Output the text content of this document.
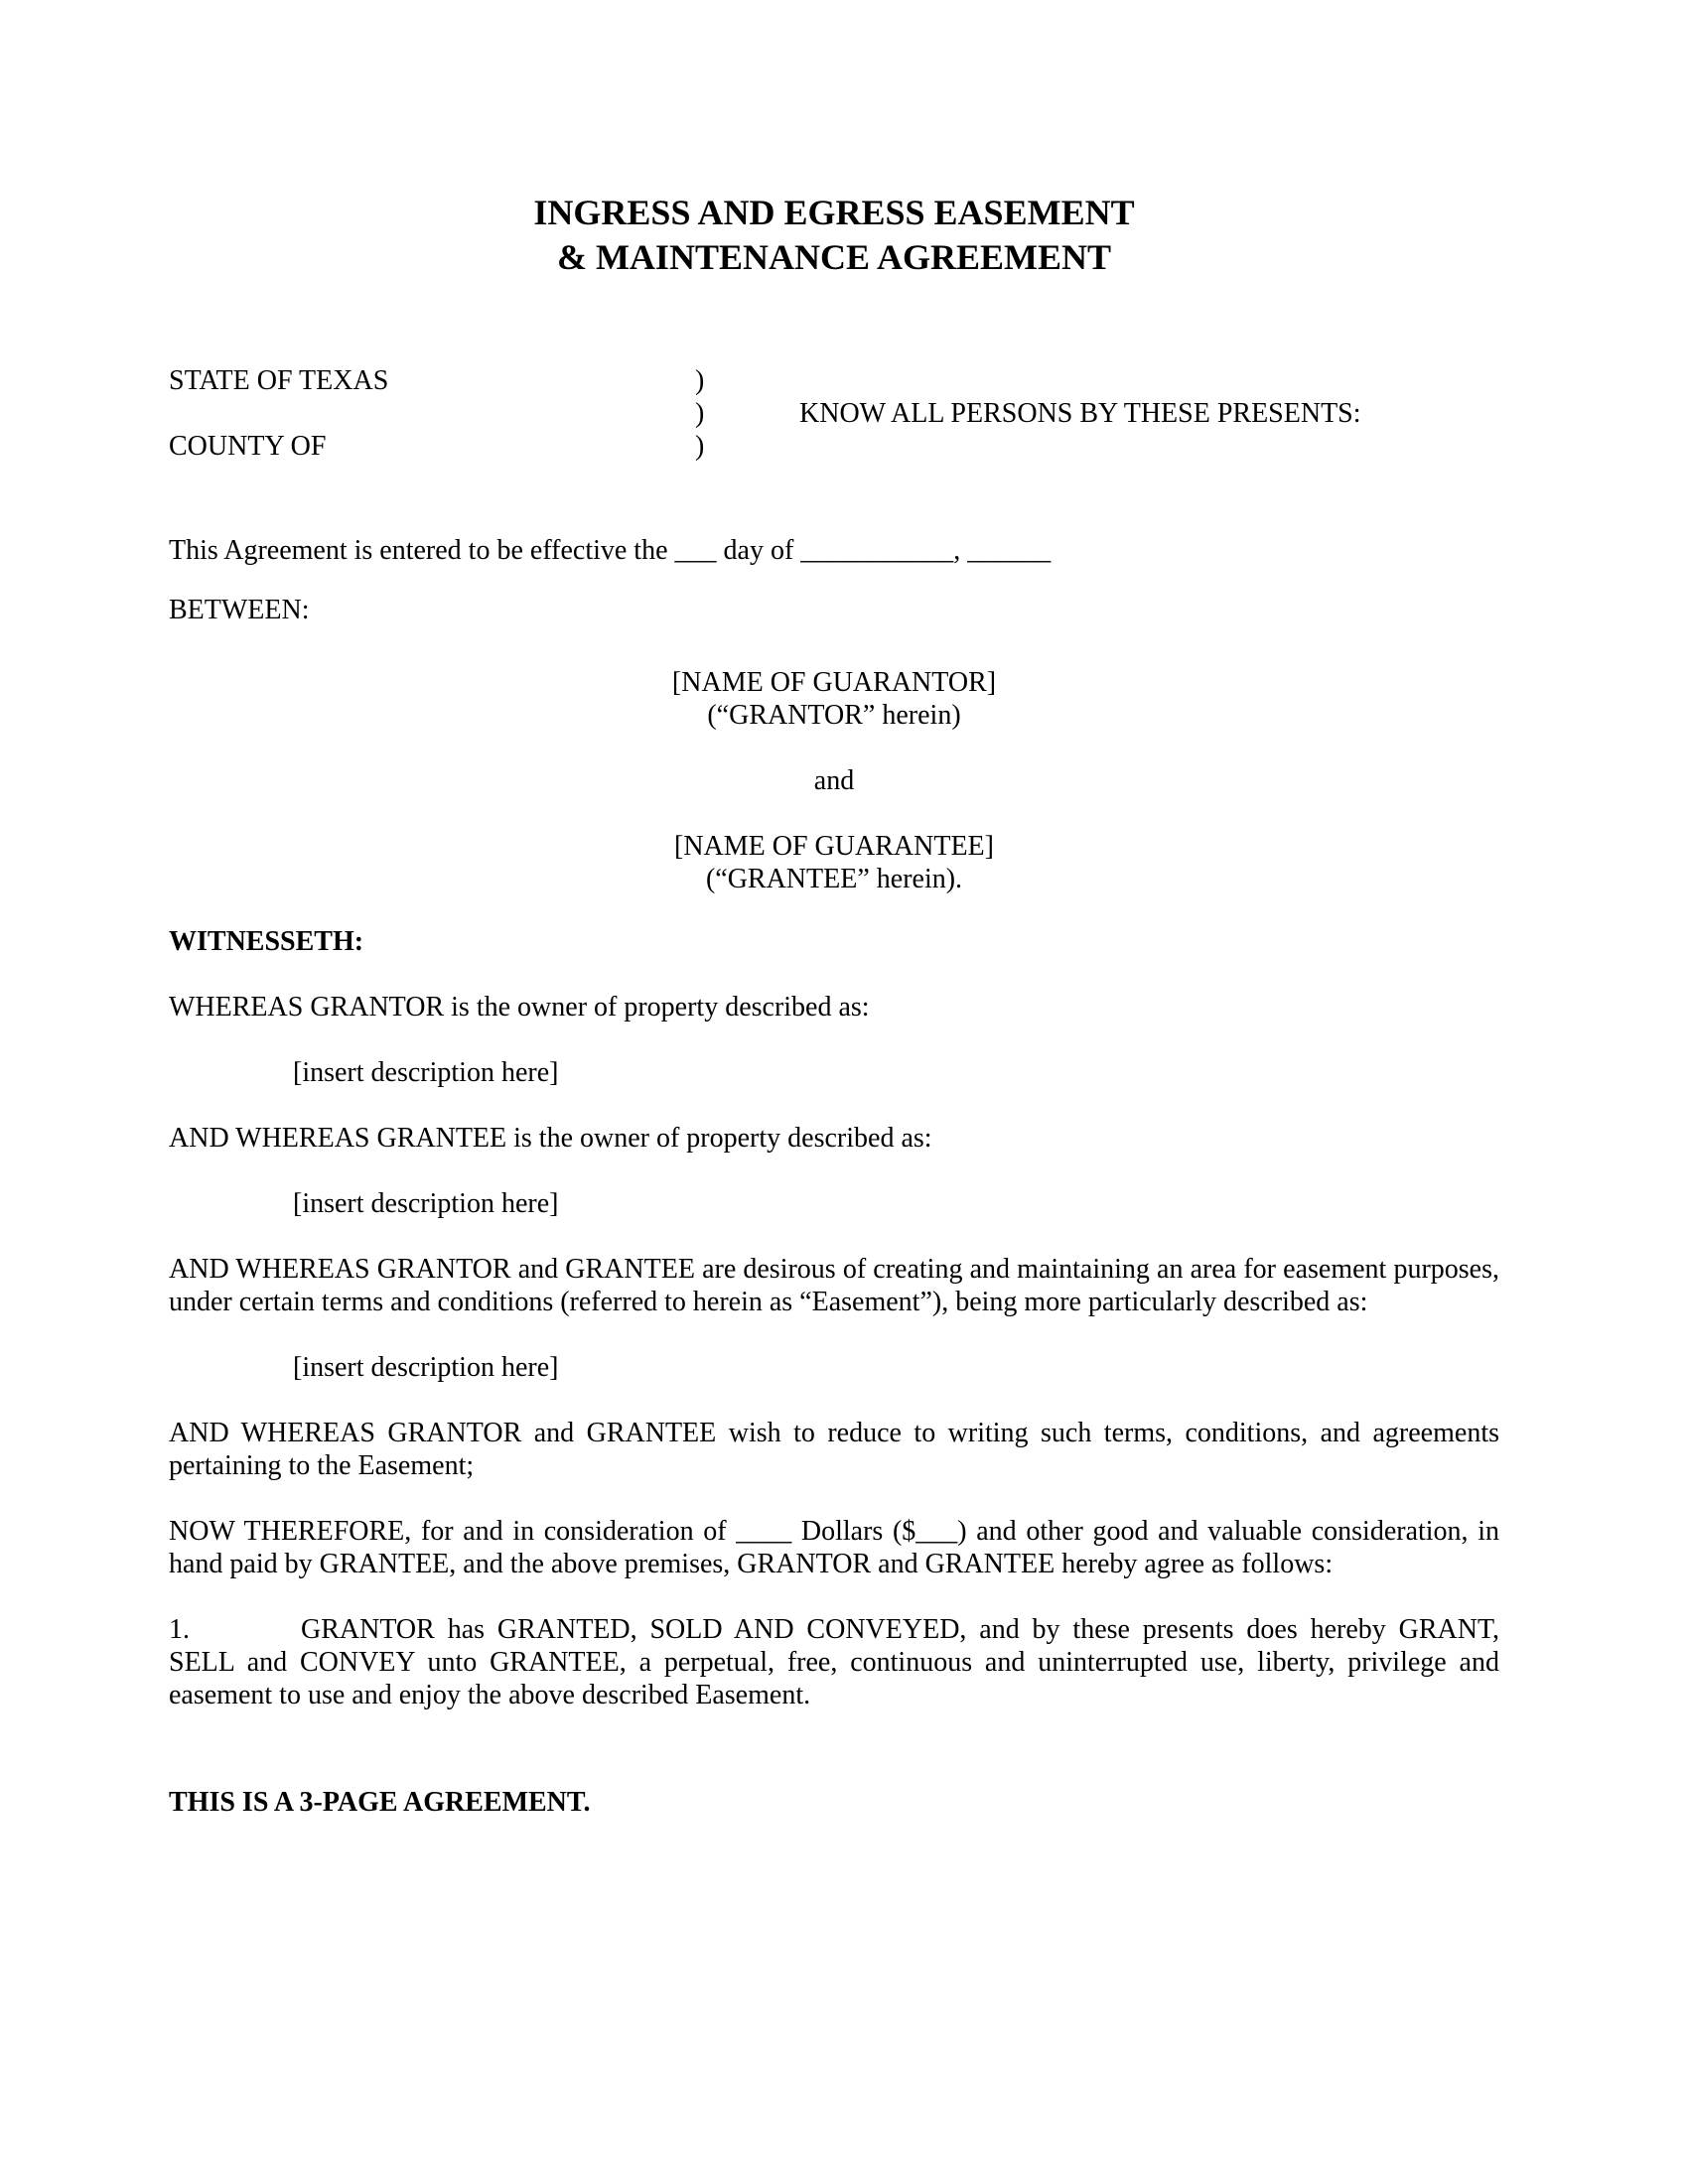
INGRESS AND EGRESS EASEMENT
& MAINTENANCE AGREEMENT
STATE OF TEXAS	)
)	KNOW ALL PERSONS BY THESE PRESENTS:
COUNTY OF	)

This Agreement is entered to be effective the ___ day of ___________, ______

BETWEEN:

[NAME OF GUARANTOR]

(“GRANTOR” herein)

and

[NAME OF GUARANTEE]

(“GRANTEE” herein).

WITNESSETH:

WHEREAS GRANTOR is the owner of property described as:

[insert description here]

AND WHEREAS GRANTEE is the owner of property described as:

[insert description here]

AND WHEREAS GRANTOR and GRANTEE are desirous of creating and maintaining an area for easement purposes, under certain terms and conditions (referred to herein as “Easement”), being more particularly described as:

[insert description here]

AND WHEREAS GRANTOR and GRANTEE wish to reduce to writing such terms, conditions, and agreements pertaining to the Easement;

NOW THEREFORE, for and in consideration of ____ Dollars ($___) and other good and valuable consideration, in hand paid by GRANTEE, and the above premises, GRANTOR and GRANTEE hereby agree as follows:

1.	GRANTOR has GRANTED, SOLD AND CONVEYED, and by these presents does hereby GRANT, SELL and CONVEY unto GRANTEE, a perpetual, free, continuous and uninterrupted use, liberty, privilege and easement to use and enjoy the above described Easement.

THIS IS A 3-PAGE AGREEMENT.
